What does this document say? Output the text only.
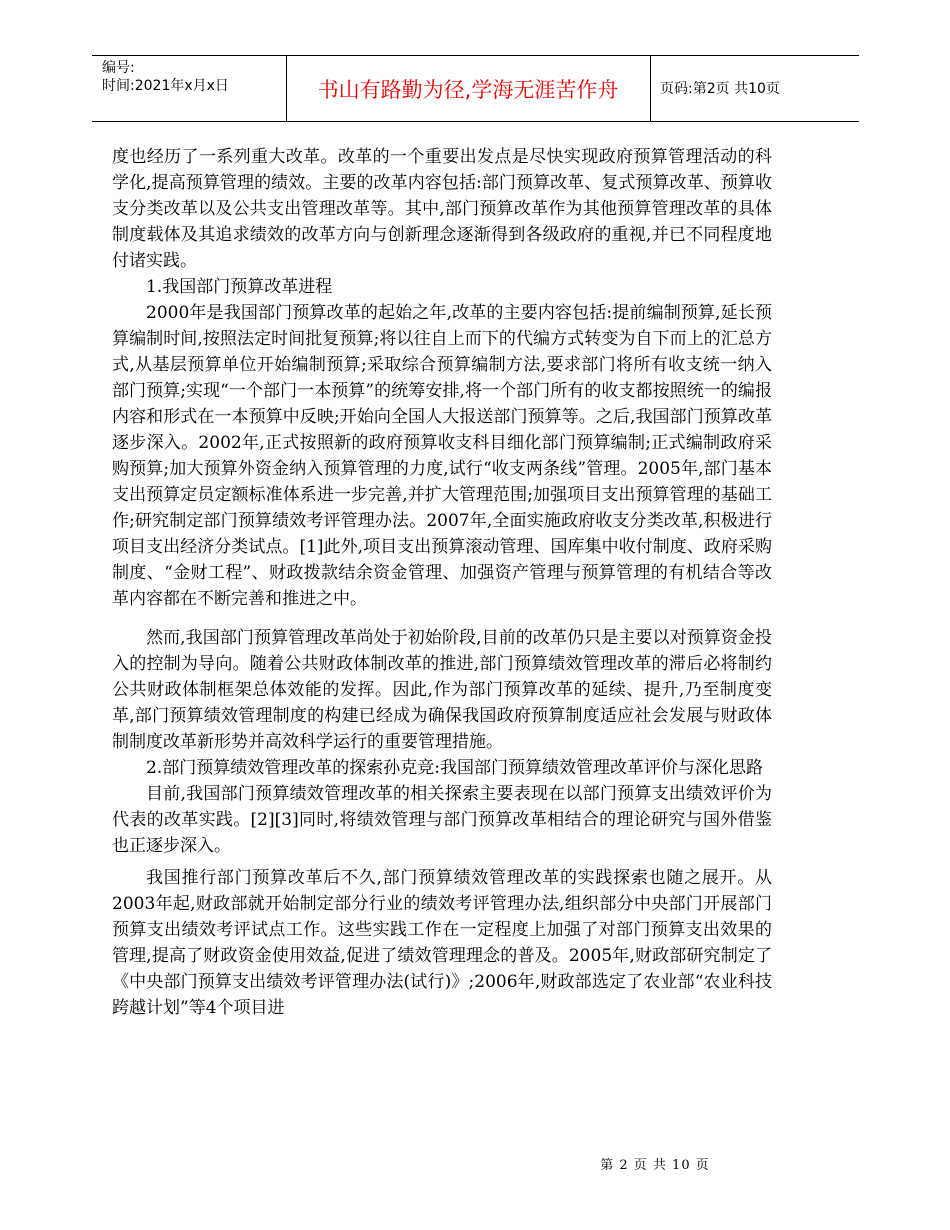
编号:
时间:2021年x月x日	书山有路勤为径,学海无涯苦作舟	页码:第2页 共10页

度也经历了一系列重大改革。改革的一个重要出发点是尽快实现政府预算管理活动的科学化,提高预算管理的绩效。主要的改革内容包括:部门预算改革、复式预算改革、预算收支分类改革以及公共支出管理改革等。其中,部门预算改革作为其他预算管理改革的具体制度载体及其追求绩效的改革方向与创新理念逐渐得到各级政府的重视,并已不同程度地付诸实践。

1.我国部门预算改革进程

2000年是我国部门预算改革的起始之年,改革的主要内容包括:提前编制预算,延长预算编制时间,按照法定时间批复预算;将以往自上而下的代编方式转变为自下而上的汇总方式,从基层预算单位开始编制预算;采取综合预算编制方法,要求部门将所有收支统一纳入部门预算;实现“一个部门一本预算”的统筹安排,将一个部门所有的收支都按照统一的编报内容和形式在一本预算中反映;开始向全国人大报送部门预算等。之后,我国部门预算改革逐步深入。2002年,正式按照新的政府预算收支科目细化部门预算编制;正式编制政府采购预算;加大预算外资金纳入预算管理的力度,试行“收支两条线”管理。2005年,部门基本支出预算定员定额标准体系进一步完善,并扩大管理范围;加强项目支出预算管理的基础工作;研究制定部门预算绩效考评管理办法。2007年,全面实施政府收支分类改革,积极进行项目支出经济分类试点。[1]此外,项目支出预算滚动管理、国库集中收付制度、政府采购制度、“金财工程”、财政拨款结余资金管理、加强资产管理与预算管理的有机结合等改革内容都在不断完善和推进之中。

然而,我国部门预算管理改革尚处于初始阶段,目前的改革仍只是主要以对预算资金投入的控制为导向。随着公共财政体制改革的推进,部门预算绩效管理改革的滞后必将制约公共财政体制框架总体效能的发挥。因此,作为部门预算改革的延续、提升,乃至制度变革,部门预算绩效管理制度的构建已经成为确保我国政府预算制度适应社会发展与财政体制制度改革新形势并高效科学运行的重要管理措施。

2.部门预算绩效管理改革的探索孙克竞:我国部门预算绩效管理改革评价与深化思路

目前,我国部门预算绩效管理改革的相关探索主要表现在以部门预算支出绩效评价为代表的改革实践。[2][3]同时,将绩效管理与部门预算改革相结合的理论研究与国外借鉴也正逐步深入。

我国推行部门预算改革后不久,部门预算绩效管理改革的实践探索也随之展开。从2003年起,财政部就开始制定部分行业的绩效考评管理办法,组织部分中央部门开展部门预算支出绩效考评试点工作。这些实践工作在一定程度上加强了对部门预算支出效果的管理,提高了财政资金使用效益,促进了绩效管理理念的普及。2005年,财政部研究制定了《中央部门预算支出绩效考评管理办法(试行)》;2006年,财政部选定了农业部“农业科技跨越计划”等4个项目进

第 2 页 共 10 页
